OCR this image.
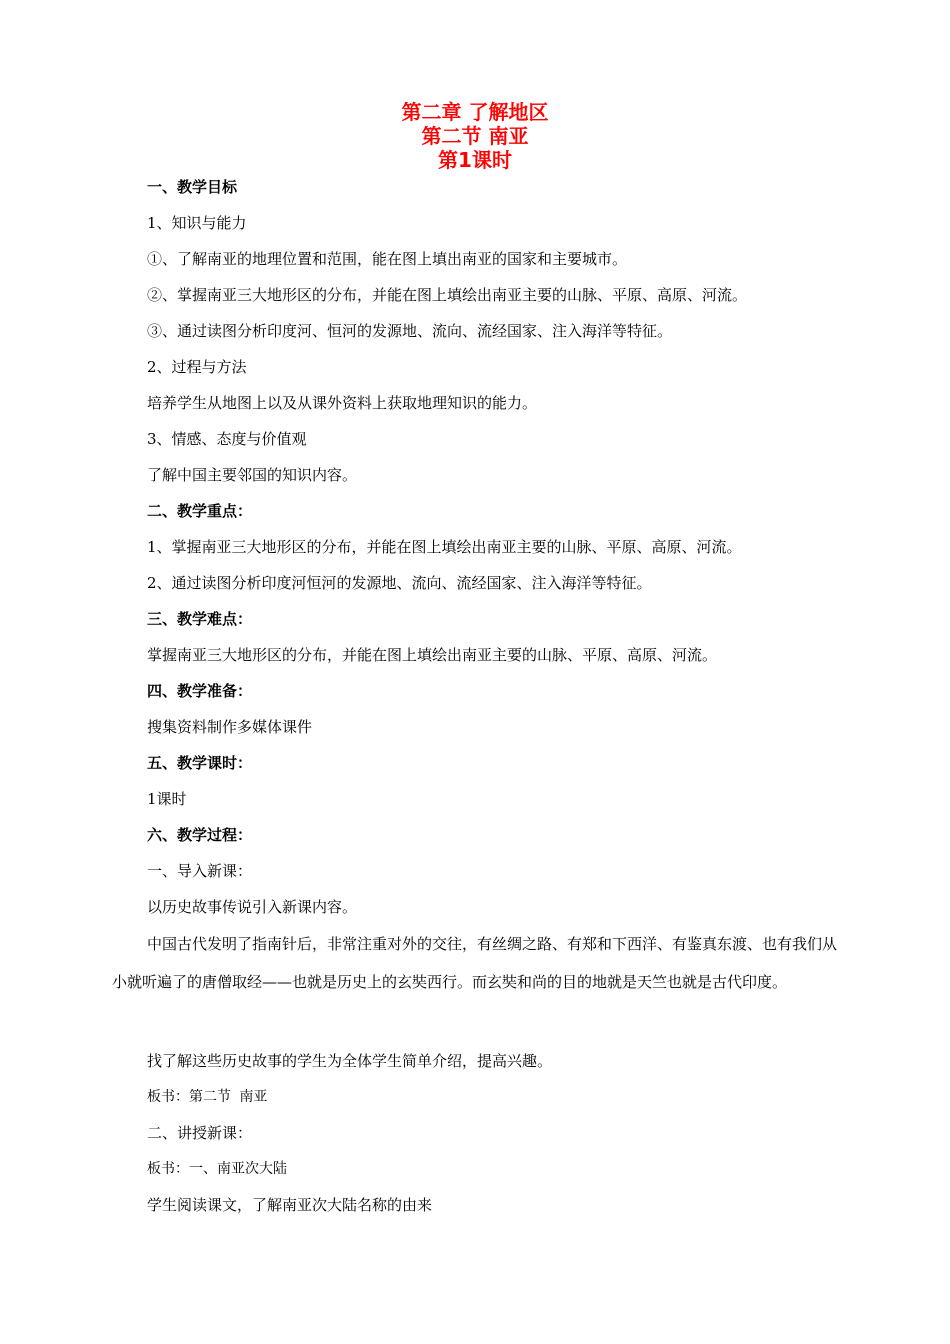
第二章 了解地区
第二节 南亚
第1课时
一、教学目标
1、知识与能力
①、了解南亚的地理位置和范围，能在图上填出南亚的国家和主要城市。
②、掌握南亚三大地形区的分布，并能在图上填绘出南亚主要的山脉、平原、高原、河流。
③、通过读图分析印度河、恒河的发源地、流向、流经国家、注入海洋等特征。
2、过程与方法
培养学生从地图上以及从课外资料上获取地理知识的能力。
3、情感、态度与价值观
了解中国主要邻国的知识内容。
二、教学重点：
1、掌握南亚三大地形区的分布，并能在图上填绘出南亚主要的山脉、平原、高原、河流。
2、通过读图分析印度河恒河的发源地、流向、流经国家、注入海洋等特征。
三、教学难点：
掌握南亚三大地形区的分布，并能在图上填绘出南亚主要的山脉、平原、高原、河流。
四、教学准备：
搜集资料制作多媒体课件
五、教学课时：
1课时
六、教学过程：
一、导入新课：
以历史故事传说引入新课内容。
中国古代发明了指南针后，非常注重对外的交往，有丝绸之路、有郑和下西洋、有鉴真东渡、也有我们从小就听遍了的唐僧取经——也就是历史上的玄奘西行。而玄奘和尚的目的地就是天竺也就是古代印度。
找了解这些历史故事的学生为全体学生简单介绍，提高兴趣。
板书：第二节 南亚
二、讲授新课：
板书：一、南亚次大陆
学生阅读课文，了解南亚次大陆名称的由来
